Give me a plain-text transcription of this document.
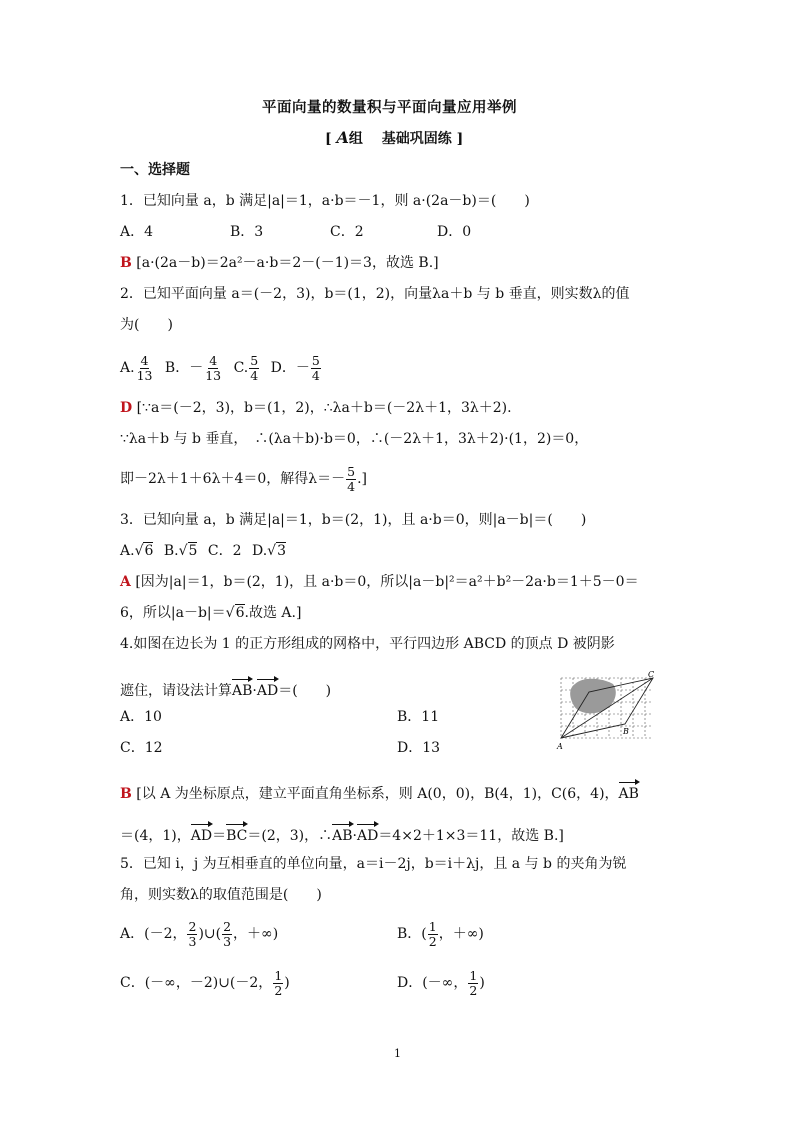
平面向量的数量积与平面向量应用举例
[ A组　 基础巩固练 ]
一、选择题
1．已知向量 a，b 满足|a|＝1，a·b＝－1，则 a·(2a－b)＝(　　)
A．4	B．3	C．2	D．0
B [a·(2a－b)＝2a²－a·b＝2－(－1)＝3，故选 B.]
2．已知平面向量 a＝(－2，3)，b＝(1，2)，向量λa＋b 与 b 垂直，则实数λ的值
为(　　)
A. $\frac{4}{13}$ B．－ $\frac{4}{13} C$. $\frac{5}{4}$ D．－ $\frac{5}{4}$
D [∵a＝(－2，3)，b＝(1，2)，∴λa＋b＝(－2λ＋1，3λ＋2).
∵λa＋b 与 b 垂直，　∴(λa＋b)·b＝0，∴(－2λ＋1，3λ＋2)·(1，2)＝0，
即－2λ＋1＋6λ＋4＝0，解得$\lambda=- \frac{5}{4}$ .]
3．已知向量 a，b 满足|a|＝1，b＝(2，1)，且 a·b＝0，则|a－b|＝(　　)
A.√6 B.√5 C．2 D.√3
A [因为|a|＝1，b＝(2，1)，且 a·b＝0，所以|a－b|²＝a²＋b²－2a·b＝1＋5－0＝
6，所以|a－b|＝√6.故选 A.]
4.如图在边长为 1 的正方形组成的网格中，平行四边形 ABCD 的顶点 D 被阴影
遮住，请设法计算AB·AD＝(　　)
A．10	B．11
C．12	D．13	A
B
C
B [以 A 为坐标原点，建立平面直角坐标系，则 A(0，0)，B(4，1)，C(6，4)，AB
＝(4，1)，AD＝BC＝(2，3)，∴AB·AD＝4×2＋1×3＝11，故选 B.]
5．已知 i，j 为互相垂直的单位向量，a＝i－2j，b＝i＋λj，且 a 与 b 的夹角为锐
角，则实数λ的取值范围是(　　)
A．(－2， $\frac{2}{3}$ )∪( $\frac{2}{3}$ ，＋∞)	B．( $\frac{1}{2}$ ，＋∞)
C．(－∞，－2)∪(－2， $\frac{1}{2}$ )	D．(－∞， $\frac{1}{2}$ )
1
